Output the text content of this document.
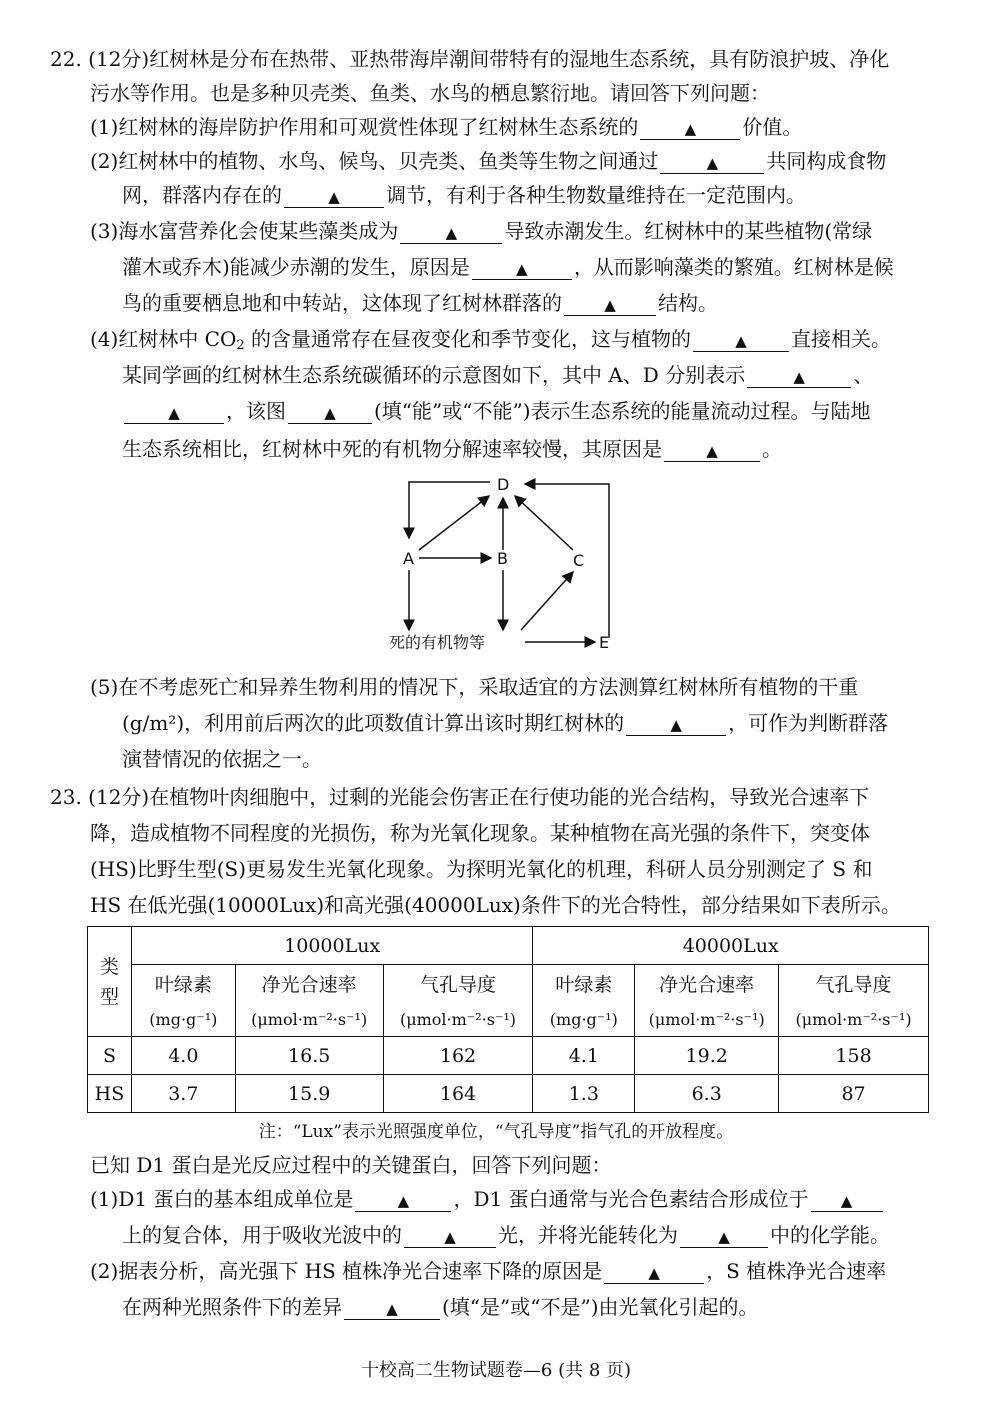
22. (12分)红树林是分布在热带、亚热带海岸潮间带特有的湿地生态系统，具有防浪护坡、净化
污水等作用。也是多种贝壳类、鱼类、水鸟的栖息繁衍地。请回答下列问题：
(1)红树林的海岸防护作用和可观赏性体现了红树林生态系统的	▲ 价值。
(2)红树林中的植物、水鸟、候鸟、贝壳类、鱼类等生物之间通过	▲ 共同构成食物
网，群落内存在的	▲ 调节，有利于各种生物数量维持在一定范围内。
(3)海水富营养化会使某些藻类成为	▲ 导致赤潮发生。红树林中的某些植物(常绿
灌木或乔木)能减少赤潮的发生，原因是	▲ ，从而影响藻类的繁殖。红树林是候
鸟的重要栖息地和中转站，这体现了红树林群落的	▲ 结构。
(4)红树林中 $CO_2$ 的含量通常存在昼夜变化和季节变化，这与植物的	▲ 直接相关。
某同学画的红树林生态系统碳循环的示意图如下，其中 A、D 分别表示	▲ 、
▲ ，该图	▲ (填“能”或“不能”)表示生态系统的能量流动过程。与陆地
生态系统相比，红树林中死的有机物分解速率较慢，其原因是	▲ 。
D
A	B	C
死的有机物等	E
(5)在不考虑死亡和异养生物利用的情况下，采取适宜的方法测算红树林所有植物的干重
(g/m²)，利用前后两次的此项数值计算出该时期红树林的	▲ ，可作为判断群落
演替情况的依据之一。
23. (12分)在植物叶肉细胞中，过剩的光能会伤害正在行使功能的光合结构，导致光合速率下
降，造成植物不同程度的光损伤，称为光氧化现象。某种植物在高光强的条件下，突变体
(HS)比野生型(S)更易发生光氧化现象。为探明光氧化的机理，科研人员分别测定了 S 和
HS 在低光强(10000Lux)和高光强(40000Lux)条件下的光合特性，部分结果如下表所示。
类
型	10000Lux			40000Lux		
	叶绿素	净光合速率	气孔导度	叶绿素	净光合速率	气孔导度
	(mg·g⁻¹)	(μmol·m⁻²·s⁻¹)	(μmol·m⁻²·s⁻¹)	(mg·g⁻¹)	(μmol·m⁻²·s⁻¹)	(μmol·m⁻²·s⁻¹)
S	4.0	16.5	162	4.1	19.2	158
HS	3.7	15.9	164	1.3	6.3	87
注：“Lux”表示光照强度单位，“气孔导度”指气孔的开放程度。
已知 D1 蛋白是光反应过程中的关键蛋白，回答下列问题：
(1)D1 蛋白的基本组成单位是	▲ ，D1 蛋白通常与光合色素结合形成位于 ▲
上的复合体，用于吸收光波中的	▲ 光，并将光能转化为	▲ 中的化学能。
(2)据表分析，高光强下 HS 植株净光合速率下降的原因是	▲ ，S 植株净光合速率
在两种光照条件下的差异	▲ (填“是”或“不是”)由光氧化引起的。
十校高二生物试题卷—6 (共 8 页)
